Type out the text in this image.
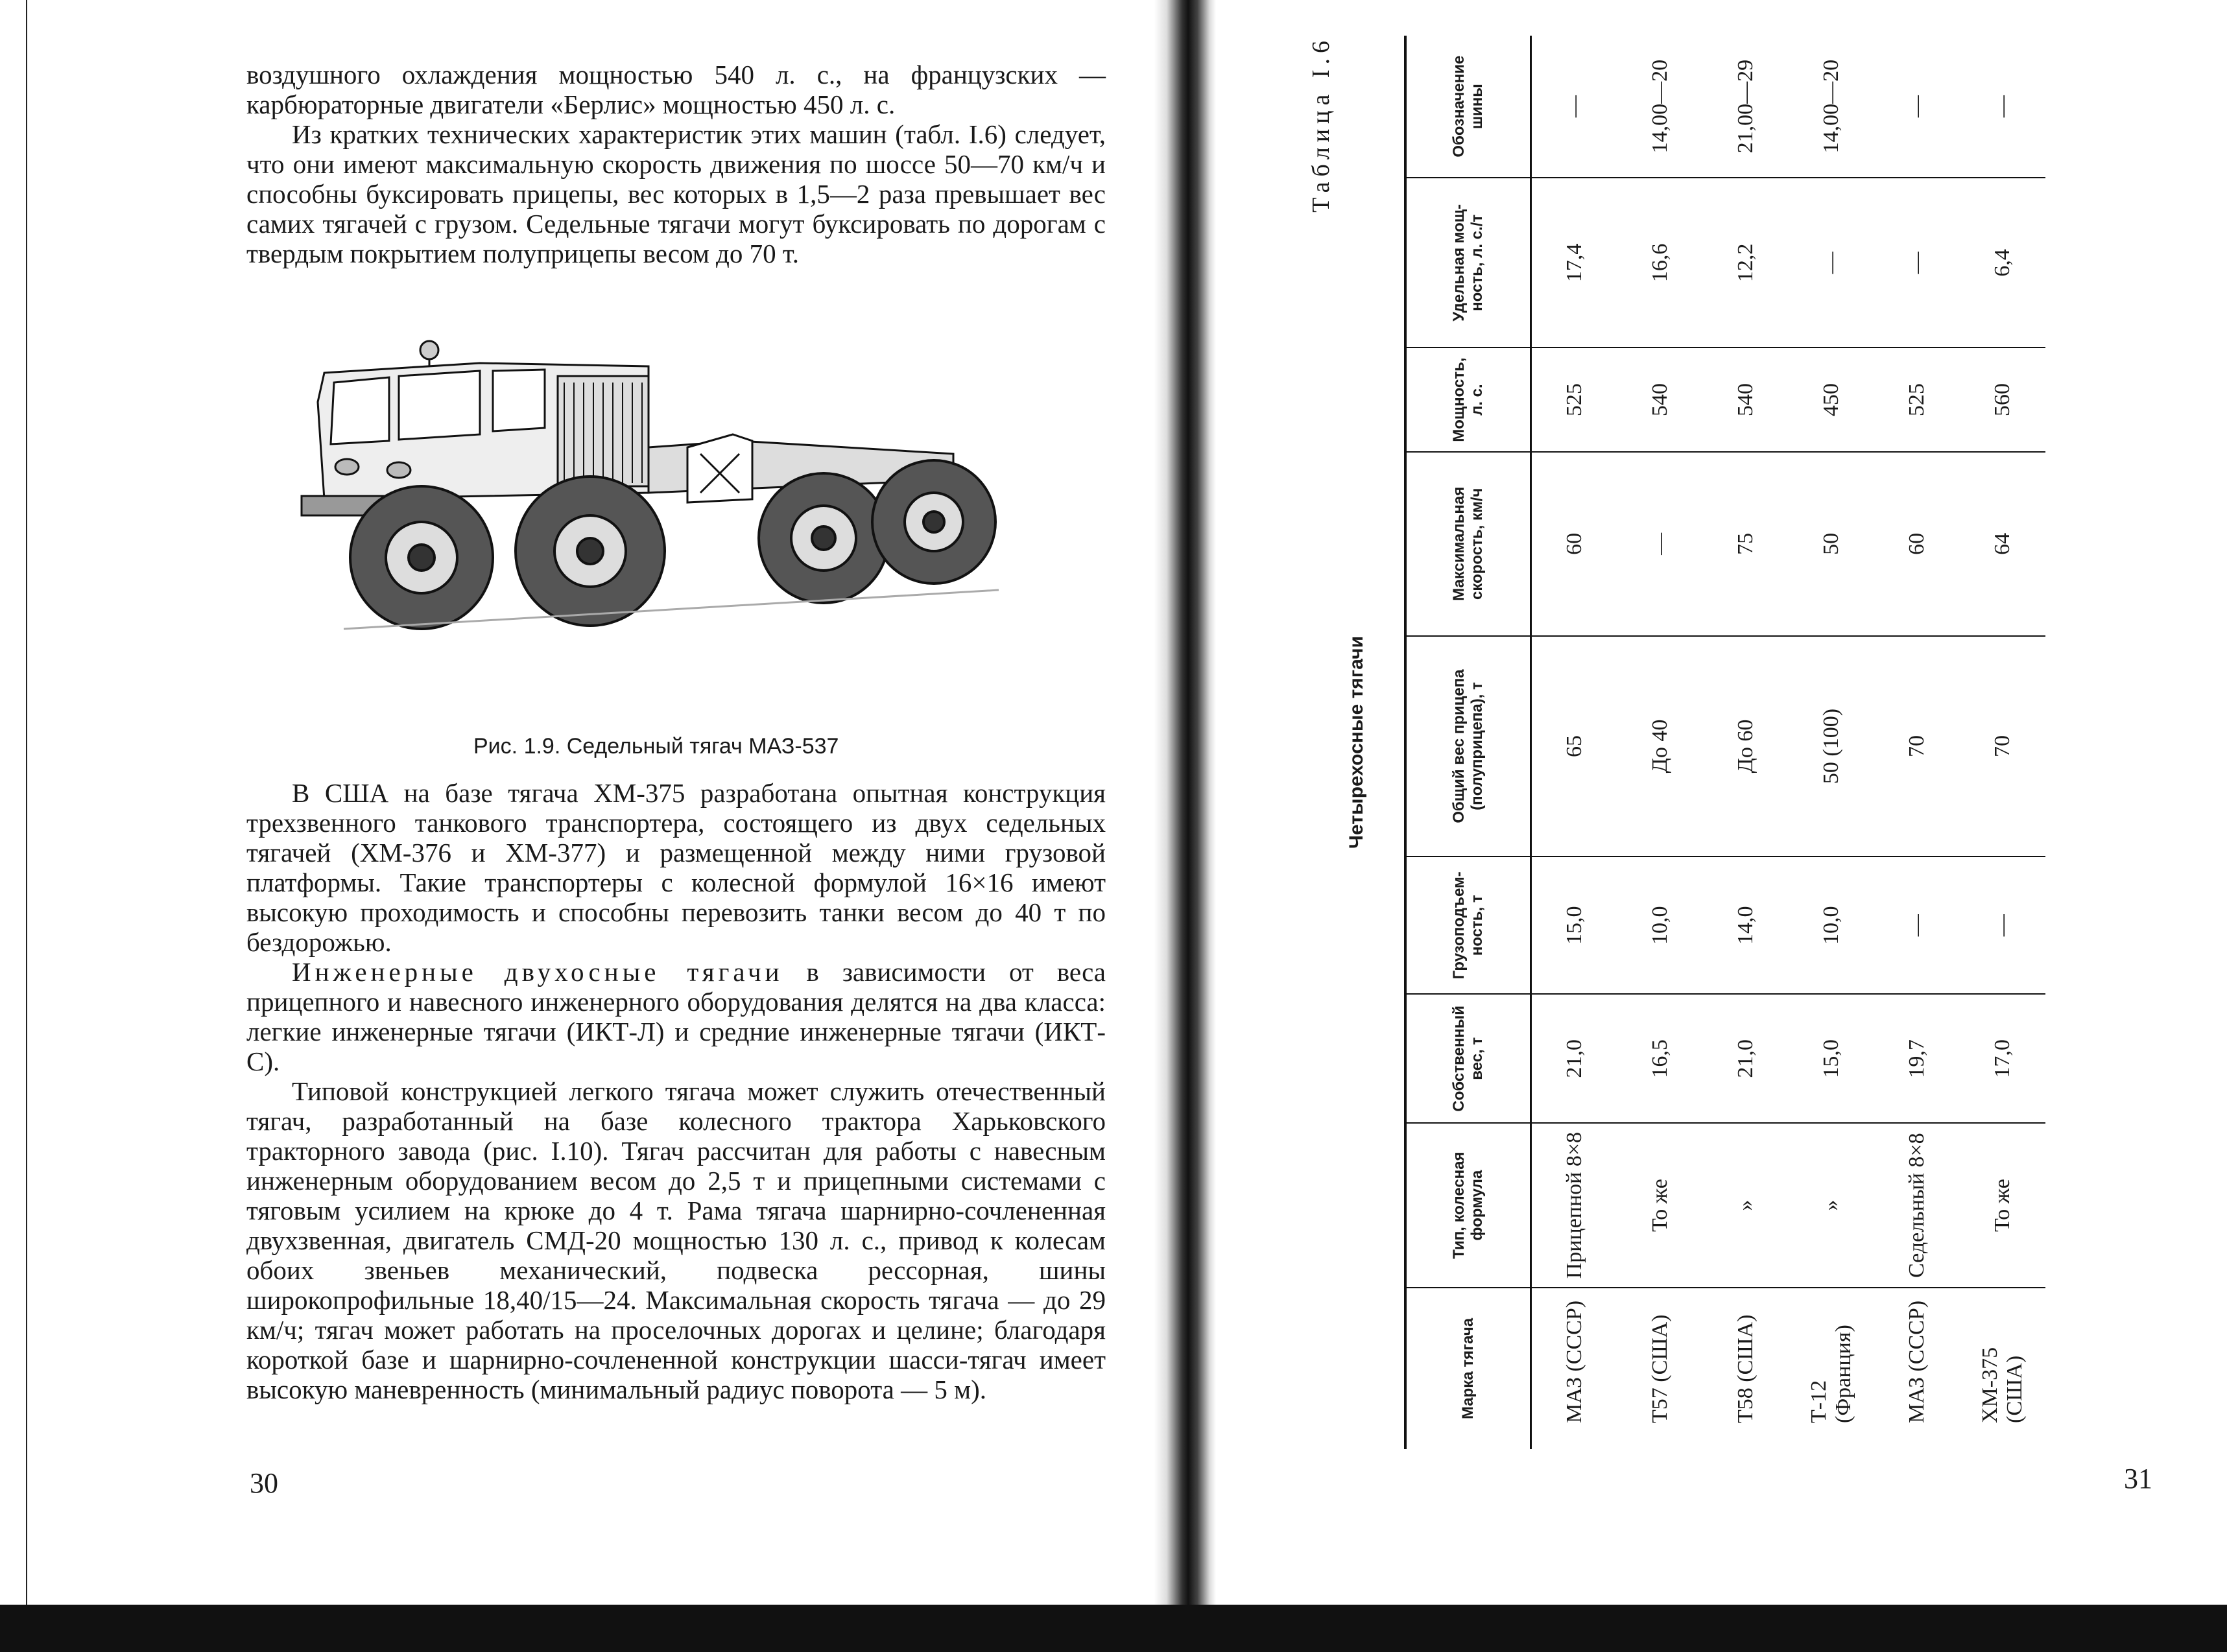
воздушного охлаждения мощностью 540 л. с., на французских — карбюраторные двигатели «Берлис» мощностью 450 л. с.

Из кратких технических характеристик этих машин (табл. I.6) следует, что они имеют максимальную скорость движения по шоссе 50—70 км/ч и способны буксировать прицепы, вес которых в 1,5—2 раза превышает вес самих тягачей с грузом. Седельные тягачи могут буксировать по дорогам с твердым покрытием полуприцепы весом до 70 т.

Рис. 1.9. Седельный тягач МАЗ-537

В США на базе тягача ХМ-375 разработана опытная конструкция трехзвенного танкового транспортера, состоящего из двух седельных тягачей (ХМ-376 и ХМ-377) и размещенной между ними грузовой платформы. Такие транспортеры с колесной формулой 16×16 имеют высокую проходимость и способны перевозить танки весом до 40 т по бездорожью.

Инженерные двухосные тягачи в зависимости от веса прицепного и навесного инженерного оборудования делятся на два класса: легкие инженерные тягачи (ИКТ-Л) и средние инженерные тягачи (ИКТ-С).

Типовой конструкцией легкого тягача может служить отечественный тягач, разработанный на базе колесного трактора Харьковского тракторного завода (рис. I.10). Тягач рассчитан для работы с навесным инженерным оборудованием весом до 2,5 т и прицепными системами с тяговым усилием на крюке до 4 т. Рама тягача шарнирно-сочлененная двухзвенная, двигатель СМД-20 мощностью 130 л. с., привод к колесам обоих звеньев механический, подвеска рессорная, шины широкопрофильные 18,40/15—24. Максимальная скорость тягача — до 29 км/ч; тягач может работать на проселочных дорогах и целине; благодаря короткой базе и шарнирно-сочлененной конструкции шасси-тягач имеет высокую маневренность (минимальный радиус поворота — 5 м).

30
Таблица I.6
Четырехосные тягачи
Марка тягача	Тип, колесная формула	Собственный вес, т	Грузоподъемность, т	Общий вес прицепа (полуприцепа), т	Максимальная скорость, км/ч	Мощность, л. с.	Удельная мощность, л. с./т	Обозначение шины
МАЗ (СССР)	Прицепной 8×8	21,0	15,0	65	60	525	17,4	—
Т57 (США)	То же	16,5	10,0	До 40	—	540	16,6	14,00—20
Т58 (США)	»	21,0	14,0	До 60	75	540	12,2	21,00—29
Т-12 (Франция)	»	15,0	10,0	50 (100)	50	450	—	14,00—20
МАЗ (СССР)	Седельный 8×8	19,7	—	70	60	525	—	—
ХМ-375 (США)	То же	17,0	—	70	64	560	6,4	—
31
